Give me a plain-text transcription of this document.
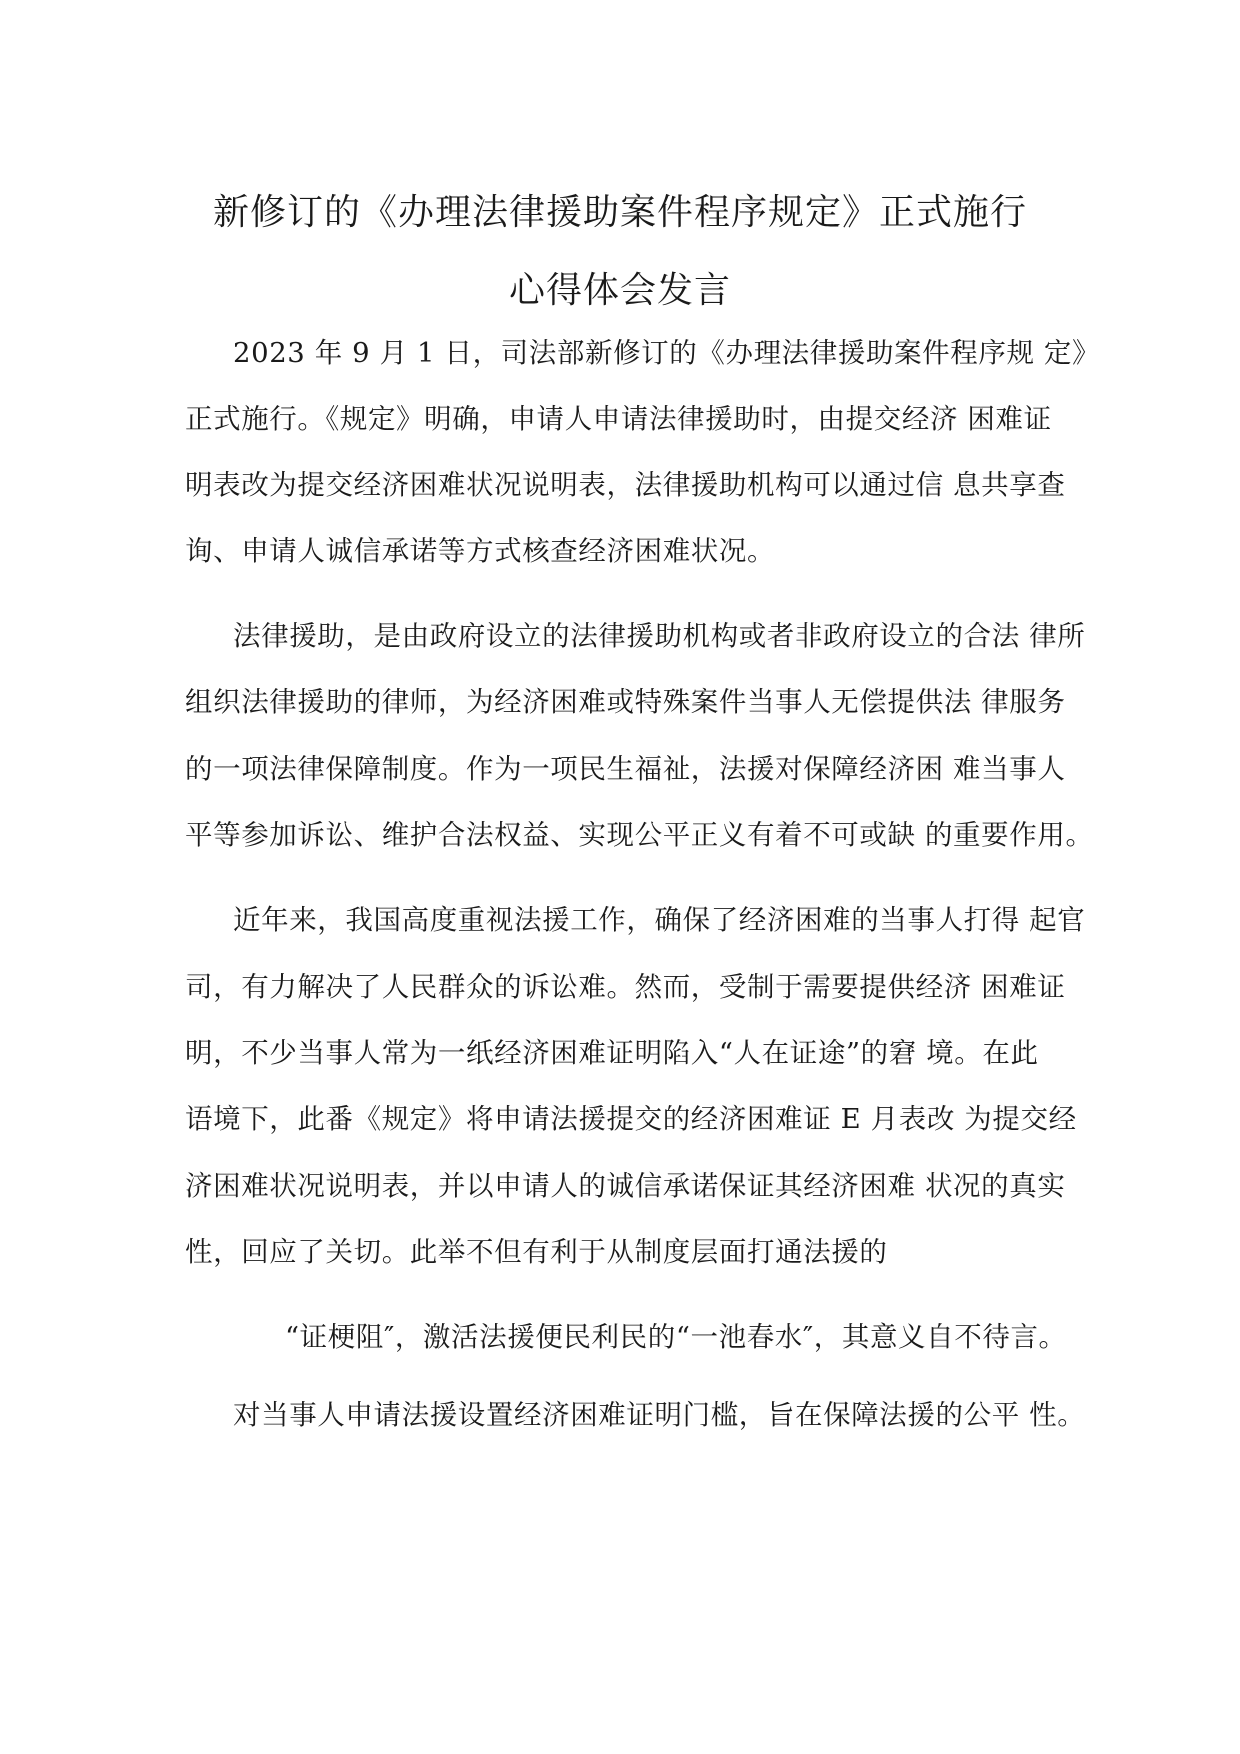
新修订的《办理法律援助案件程序规定》正式施行
心得体会发言
2023 年 9 月 1 日，司法部新修订的《办理法律援助案件程序规 定》
正式施行。《规定》明确，申请人申请法律援助时，由提交经济 困难证
明表改为提交经济困难状况说明表，法律援助机构可以通过信 息共享查
询、申请人诚信承诺等方式核查经济困难状况。
法律援助，是由政府设立的法律援助机构或者非政府设立的合法 律所
组织法律援助的律师，为经济困难或特殊案件当事人无偿提供法 律服务
的一项法律保障制度。作为一项民生福祉，法援对保障经济困 难当事人
平等参加诉讼、维护合法权益、实现公平正义有着不可或缺 的重要作用。
近年来，我国高度重视法援工作，确保了经济困难的当事人打得 起官
司，有力解决了人民群众的诉讼难。然而，受制于需要提供经济 困难证
明，不少当事人常为一纸经济困难证明陷入“人在证途”的窘 境。在此
语境下，此番《规定》将申请法援提交的经济困难证 E 月表改 为提交经
济困难状况说明表，并以申请人的诚信承诺保证其经济困难 状况的真实
性，回应了关切。此举不但有利于从制度层面打通法援的
“证梗阻″，激活法援便民利民的“一池春水″，其意义自不待言。
对当事人申请法援设置经济困难证明门槛，旨在保障法援的公平 性。
